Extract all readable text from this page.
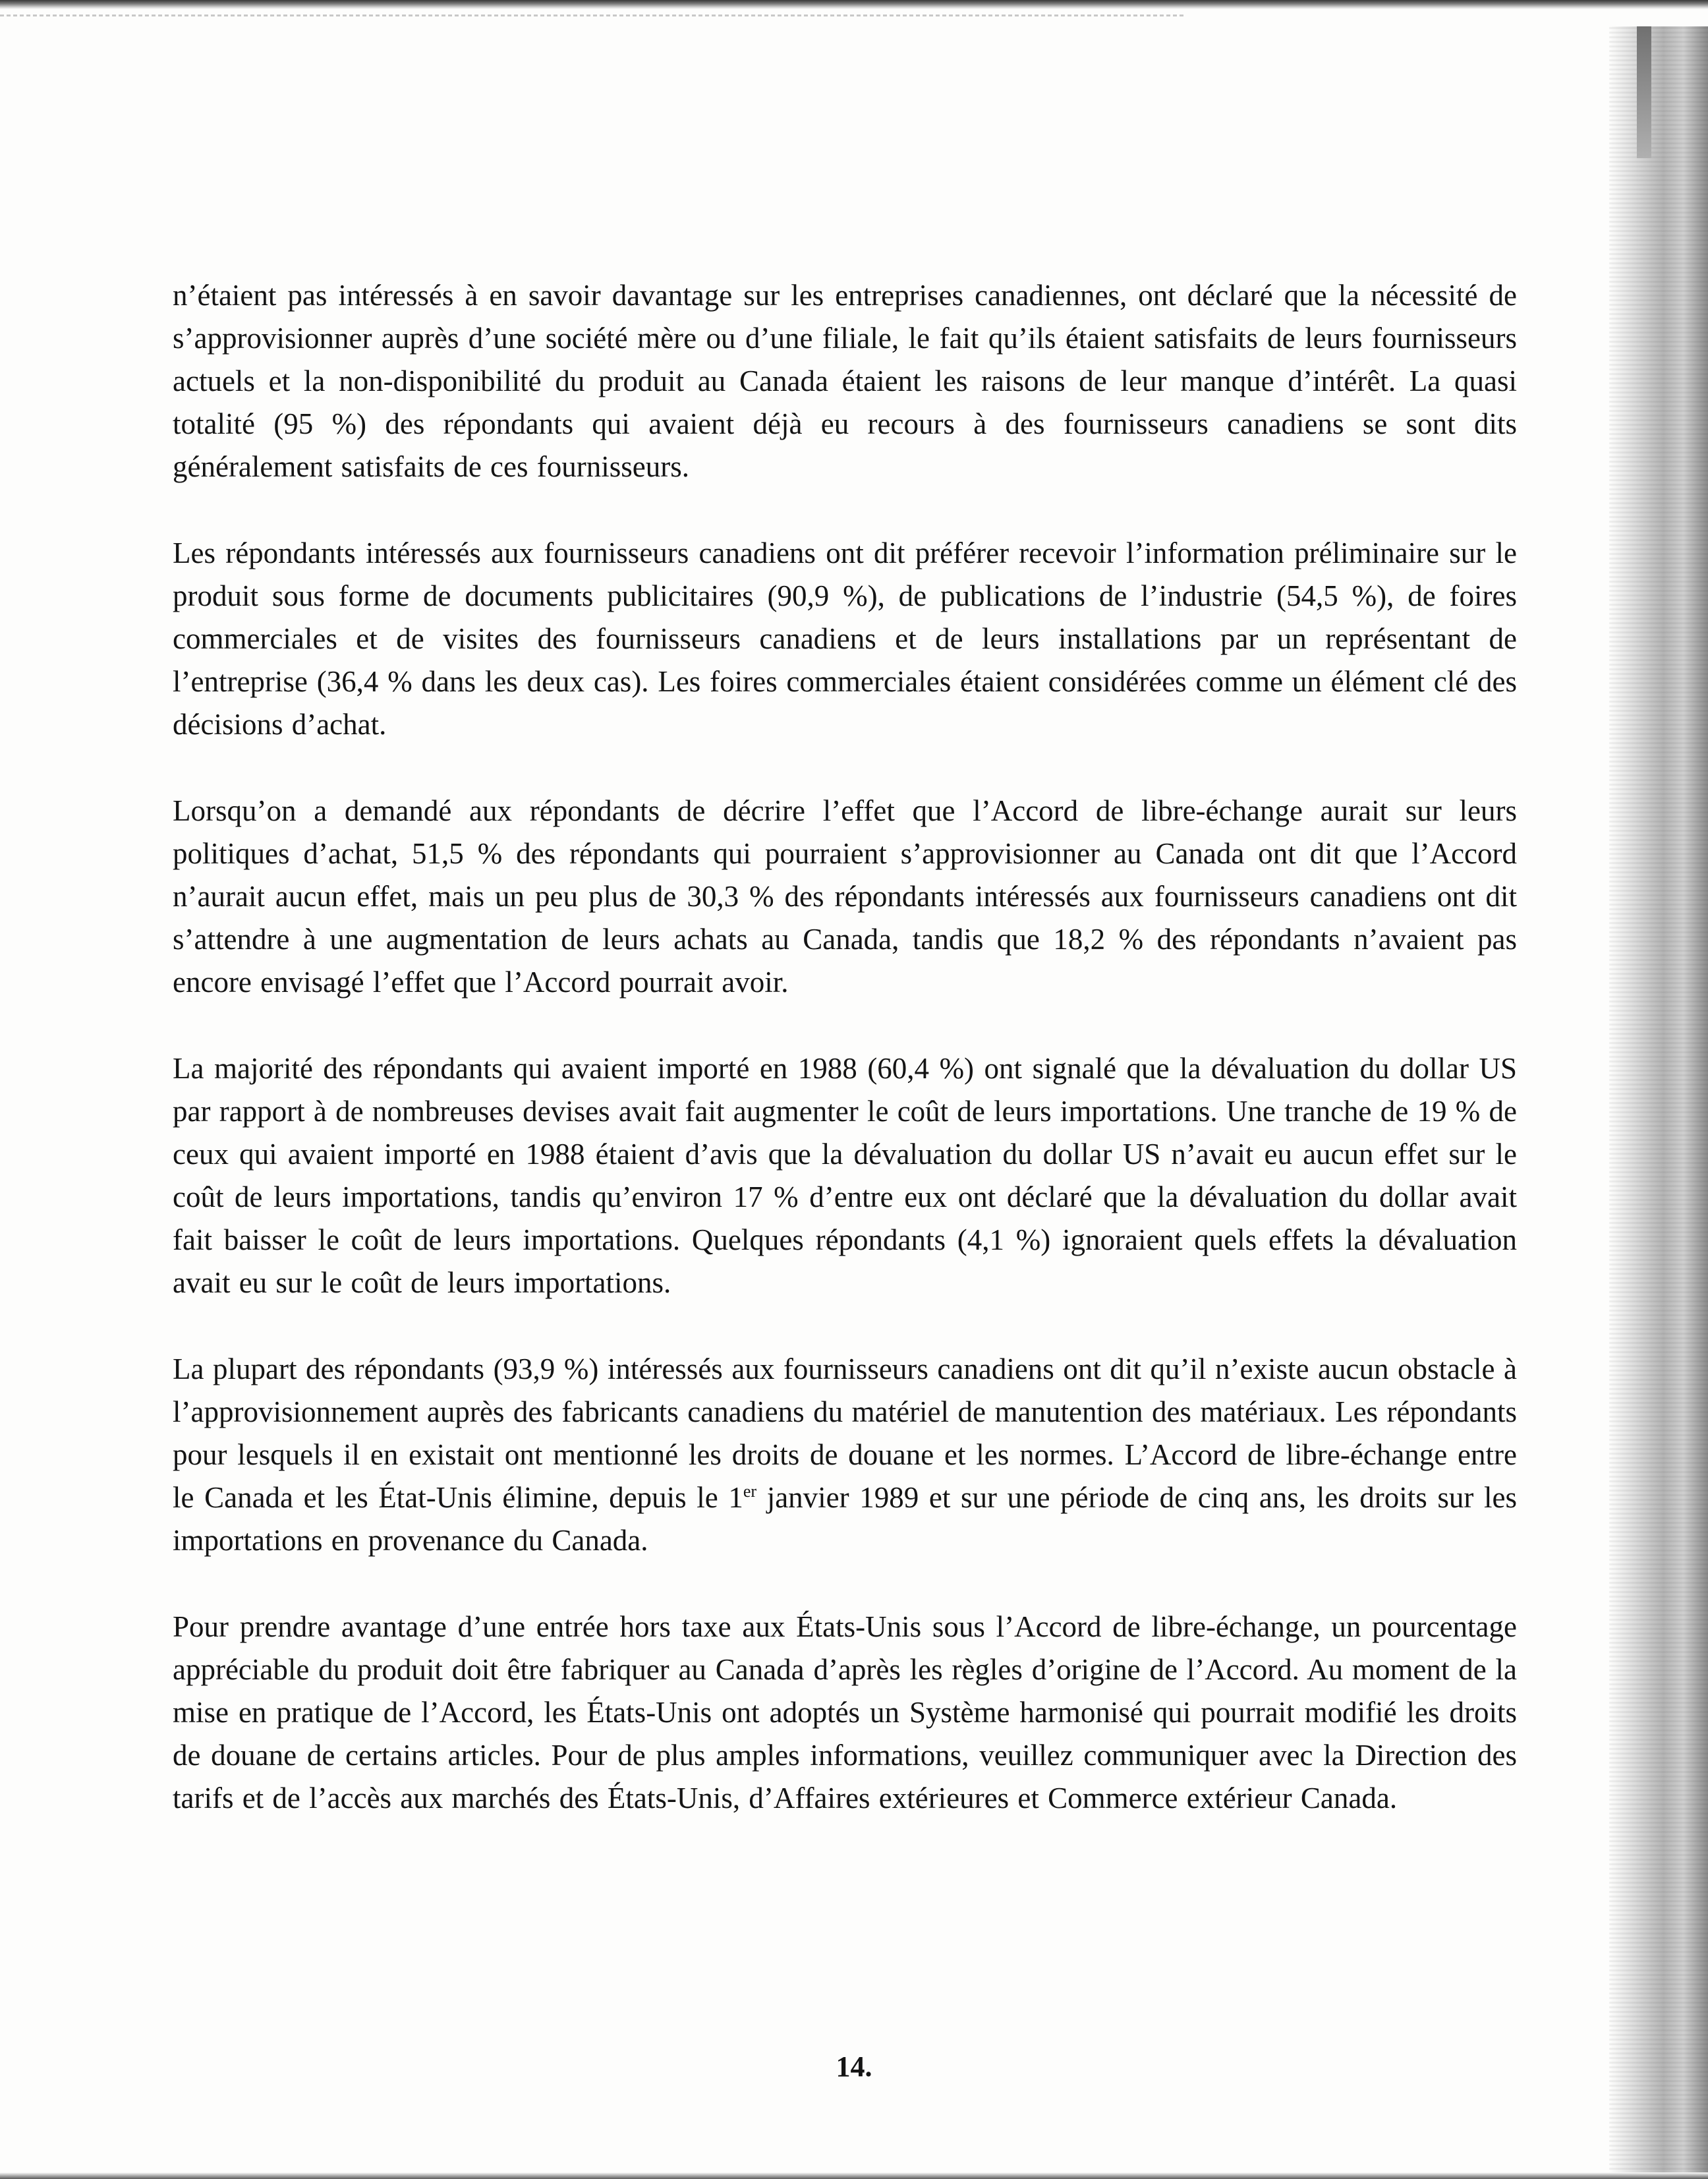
n’étaient pas intéressés à en savoir davantage sur les entreprises canadiennes, ont déclaré que la nécessité de s’approvisionner auprès d’une société mère ou d’une filiale, le fait qu’ils étaient satisfaits de leurs fournisseurs actuels et la non-disponibilité du produit au Canada étaient les raisons de leur manque d’intérêt. La quasi totalité (95 %) des répondants qui avaient déjà eu recours à des fournisseurs canadiens se sont dits généralement satisfaits de ces fournisseurs.

Les répondants intéressés aux fournisseurs canadiens ont dit préférer recevoir l’information préliminaire sur le produit sous forme de documents publicitaires (90,9 %), de publications de l’industrie (54,5 %), de foires commerciales et de visites des fournisseurs canadiens et de leurs installations par un représentant de l’entreprise (36,4 % dans les deux cas). Les foires commerciales étaient considérées comme un élément clé des décisions d’achat.

Lorsqu’on a demandé aux répondants de décrire l’effet que l’Accord de libre-échange aurait sur leurs politiques d’achat, 51,5 % des répondants qui pourraient s’approvisionner au Canada ont dit que l’Accord n’aurait aucun effet, mais un peu plus de 30,3 % des répondants intéressés aux fournisseurs canadiens ont dit s’attendre à une augmentation de leurs achats au Canada, tandis que 18,2 % des répondants n’avaient pas encore envisagé l’effet que l’Accord pourrait avoir.

La majorité des répondants qui avaient importé en 1988 (60,4 %) ont signalé que la dévaluation du dollar US par rapport à de nombreuses devises avait fait augmenter le coût de leurs importations. Une tranche de 19 % de ceux qui avaient importé en 1988 étaient d’avis que la dévaluation du dollar US n’avait eu aucun effet sur le coût de leurs importations, tandis qu’environ 17 % d’entre eux ont déclaré que la dévaluation du dollar avait fait baisser le coût de leurs importations. Quelques répondants (4,1 %) ignoraient quels effets la dévaluation avait eu sur le coût de leurs importations.

La plupart des répondants (93,9 %) intéressés aux fournisseurs canadiens ont dit qu’il n’existe aucun obstacle à l’approvisionnement auprès des fabricants canadiens du matériel de manutention des matériaux. Les répondants pour lesquels il en existait ont mentionné les droits de douane et les normes. L’Accord de libre-échange entre le Canada et les État-Unis élimine, depuis le 1er janvier 1989 et sur une période de cinq ans, les droits sur les importations en provenance du Canada.

Pour prendre avantage d’une entrée hors taxe aux États-Unis sous l’Accord de libre-échange, un pourcentage appréciable du produit doit être fabriquer au Canada d’après les règles d’origine de l’Accord. Au moment de la mise en pratique de l’Accord, les États-Unis ont adoptés un Système harmonisé qui pourrait modifié les droits de douane de certains articles. Pour de plus amples informations, veuillez communiquer avec la Direction des tarifs et de l’accès aux marchés des États-Unis, d’Affaires extérieures et Commerce extérieur Canada.

14.
